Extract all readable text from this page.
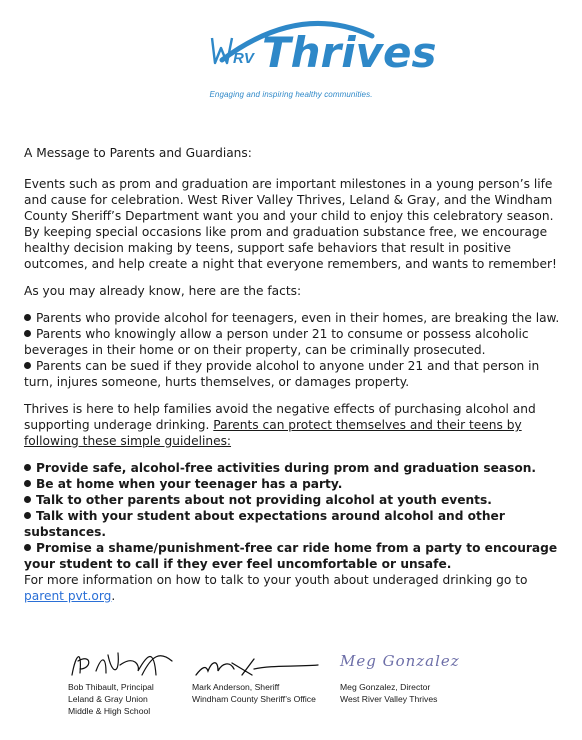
RV Thrives
Engaging and inspiring healthy communities.

A Message to Parents and Guardians:

Events such as prom and graduation are important milestones in a young person’s life and cause for celebration. West River Valley Thrives, Leland & Gray, and the Windham County Sheriff’s Department want you and your child to enjoy this celebratory season. By keeping special occasions like prom and graduation substance free, we encourage healthy decision making by teens, support safe behaviors that result in positive outcomes, and help create a night that everyone remembers, and wants to remember!

As you may already know, here are the facts:

Parents who provide alcohol for teenagers, even in their homes, are breaking the law.
Parents who knowingly allow a person under 21 to consume or possess alcoholic beverages in their home or on their property, can be criminally prosecuted.
Parents can be sued if they provide alcohol to anyone under 21 and that person in turn, injures someone, hurts themselves, or damages property.

Thrives is here to help families avoid the negative effects of purchasing alcohol and supporting underage drinking. Parents can protect themselves and their teens by following these simple guidelines:

Provide safe, alcohol-free activities during prom and graduation season.
Be at home when your teenager has a party.
Talk to other parents about not providing alcohol at youth events.
Talk with your student about expectations around alcohol and other substances.
Promise a shame/punishment-free car ride home from a party to encourage your student to call if they ever feel uncomfortable or unsafe.

For more information on how to talk to your youth about underaged drinking go to parent pvt.org.

Bob Thibault, Principal
Leland & Gray Union
Middle & High School
Mark Anderson, Sheriff
Windham County Sheriff’s Office
Meg Gonzalez
Meg Gonzalez, Director
West River Valley Thrives
